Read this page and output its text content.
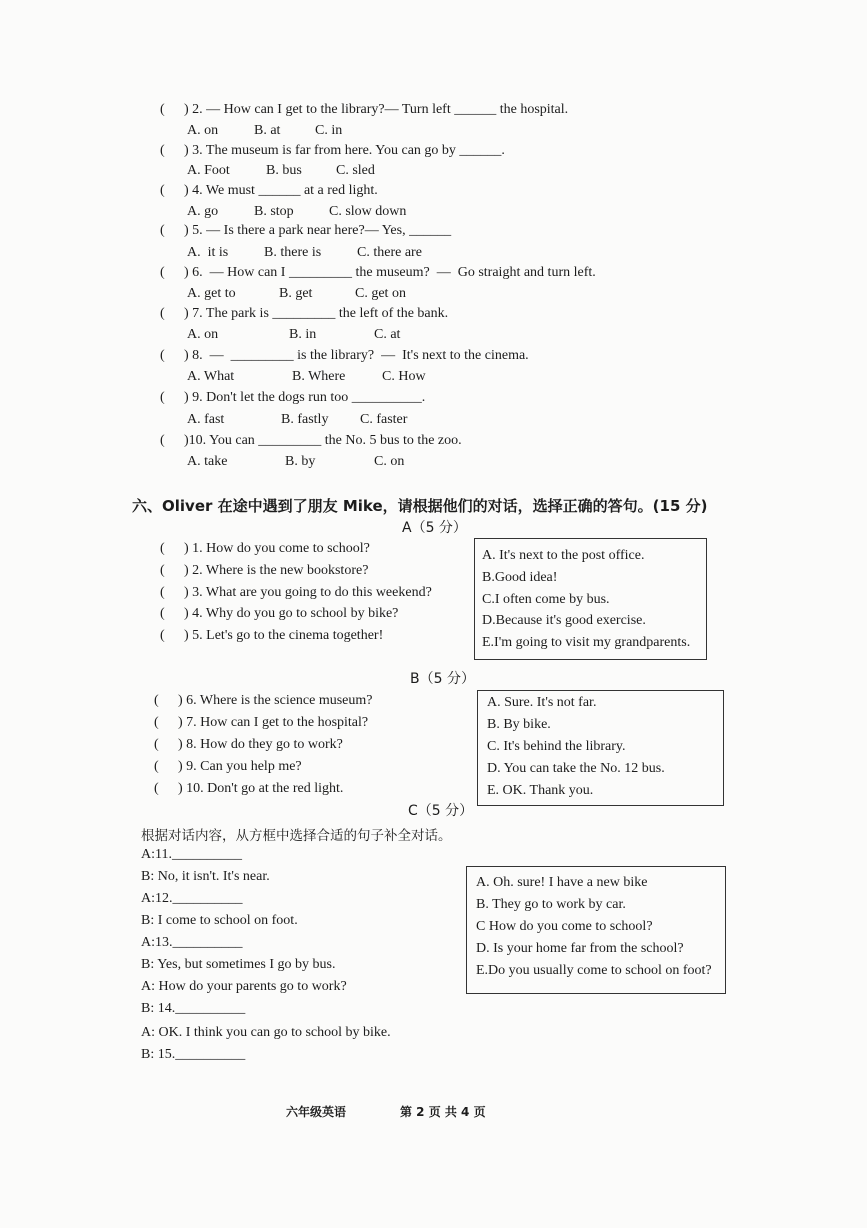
( ) 2. — How can I get to the library?— Turn left ______ the hospital.
A. on	B. at C. in
( ) 3. The museum is far from here. You can go by ______.
A. Foot	B. bus C. sled
( ) 4. We must ______ at a red light.
A. go	B. stop	C. slow down
( ) 5. — Is there a park near here?— Yes, ______
A.  it is	B. there is	C. there are
( ) 6.  — How can I _________ the museum?  —  Go straight and turn left.
A. get to	B. get	C. get on
( ) 7. The park is _________ the left of the bank.
A. on	B. in	C. at
( ) 8.  —  _________ is the library?  —  It's next to the cinema.
A. What	B. Where	C. How
( ) 9. Don't let the dogs run too __________.
A. fast	B. fastly C. faster
( )10. You can _________ the No. 5 bus to the zoo.
A. take	B. by	C. on
六、Oliver 在途中遇到了朋友 Mike，请根据他们的对话，选择正确的答句。(15 分)
A（5 分）
( ) 1. How do you come to school?
( ) 2. Where is the new bookstore?
( ) 3. What are you going to do this weekend?
( ) 4. Why do you go to school by bike?
( ) 5. Let's go to the cinema together!
A. It's next to the post office.
B.Good idea!
C.I often come by bus.
D.Because it's good exercise.
E.I'm going to visit my grandparents.
B（5 分）
( ) 6. Where is the science museum?
( ) 7. How can I get to the hospital?
( ) 8. How do they go to work?
( ) 9. Can you help me?
( ) 10. Don't go at the red light.
A. Sure. It's not far.
B. By bike.
C. It's behind the library.
D. You can take the No. 12 bus.
E. OK. Thank you.
C（5 分）
根据对话内容，从方框中选择合适的句子补全对话。
A:11.__________
B: No, it isn't. It's near.
A:12.__________
B: I come to school on foot.
A:13.__________
B: Yes, but sometimes I go by bus.
A: How do your parents go to work?
B: 14.__________
A: OK. I think you can go to school by bike.
B: 15.__________
A. Oh. sure! I have a new bike
B. They go to work by car.
C How do you come to school?
D. Is your home far from the school?
E.Do you usually come to school on foot?
六年级英语	第 2 页 共 4 页
